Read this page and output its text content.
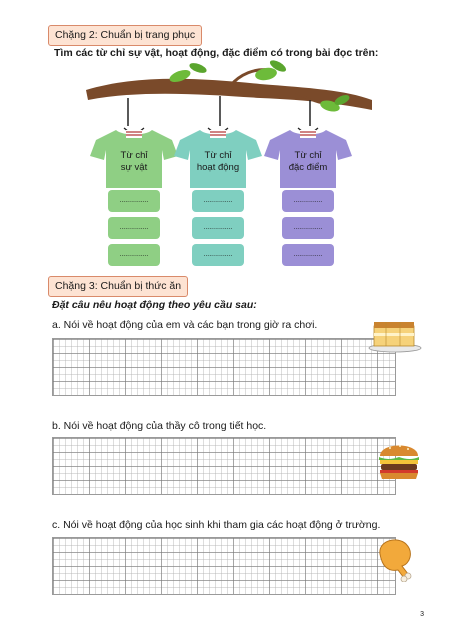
Chặng 2: Chuẩn bị trang phục
Tìm các từ chỉ sự vật, hoạt động, đặc điểm có trong bài đọc trên:
Từ chỉ
sự vật
...............
...............
...............
Từ chỉ
hoạt động
...............
...............
...............
Từ chỉ
đặc điểm
...............
...............
...............
Chặng 3: Chuẩn bị thức ăn
Đặt câu nêu hoạt động theo yêu cầu sau:
a. Nói về hoạt động của em và các bạn trong giờ ra chơi.
b. Nói về hoạt động của thầy cô trong tiết học.
c. Nói về hoạt động của học sinh khi tham gia các hoạt động ở trường.
3
